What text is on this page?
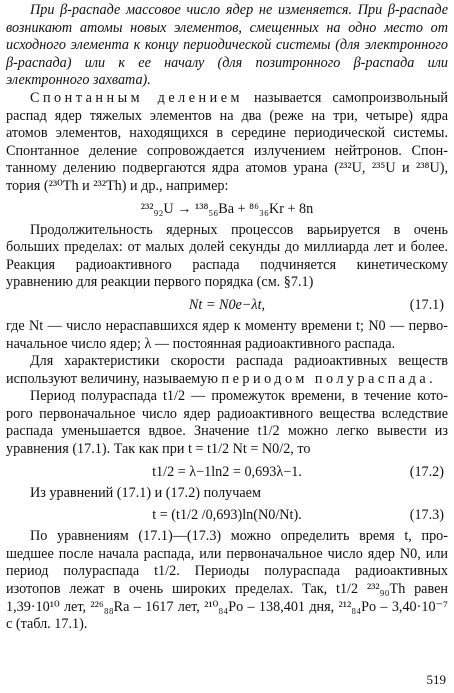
При β-распаде массовое число ядер не изменяется. При β-распаде возникают атомы новых элементов, смещенных на одно место от исходного элемента к концу периодической системы (для электронного β-распада) или к ее началу (для позитронного β-распада или электронного захвата).

Спонтанным делением называется самопроизвольный распад ядер тяжелых элементов на два (реже на три, четыре) ядра атомов элементов, находящихся в середине периодической системы. Спонтанное деление сопровождается излучением нейтронов. Спонтанному делению подвергаются ядра атомов урана (²³²U, ²³⁵U и ²³⁸U), тория (²³⁰Th и ²³²Th) и др., например:

²³²₉₂U → ¹³⁸₅₆Ba + ⁸⁶₃₆Kr + 8n

Продолжительность ядерных процессов варьируется в очень больших пределах: от малых долей секунды до миллиарда лет и более. Реакция радиоактивного распада подчиняется кинетическому уравнению для реакции первого порядка (см. §7.1)

Nt = N0e−λt,	(17.1)

где Nt — число нераспавшихся ядер к моменту времени t; N0 — первоначальное число ядер; λ — постоянная радиоактивного распада.

Для характеристики скорости распада радиоактивных веществ используют величину, называемую периодом полураспада.

Период полураспада t1/2 — промежуток времени, в течение которого первоначальное число ядер радиоактивного вещества вследствие распада уменьшается вдвое. Значение t1/2 можно легко вывести из уравнения (17.1). Так как при t = t1/2 Nt = N0/2, то

t1/2 = λ−1ln2 = 0,693λ−1.	(17.2)

Из уравнений (17.1) и (17.2) получаем

t = (t1/2 /0,693)ln(N0/Nt).	(17.3)

По уравнениям (17.1)—(17.3) можно определить время t, прошедшее после начала распада, или первоначальное число ядер N0, или период полураспада t1/2. Периоды полураспада радиоактивных изотопов лежат в очень широких пределах. Так, t1/2 ²³²₉₀Th равен 1,39·10¹⁰ лет, ²²⁶₈₈Ra – 1617 лет, ²¹⁰₈₄Po – 138,401 дня, ²¹²₈₄Po – 3,40·10⁻⁷ с (табл. 17.1).

519
